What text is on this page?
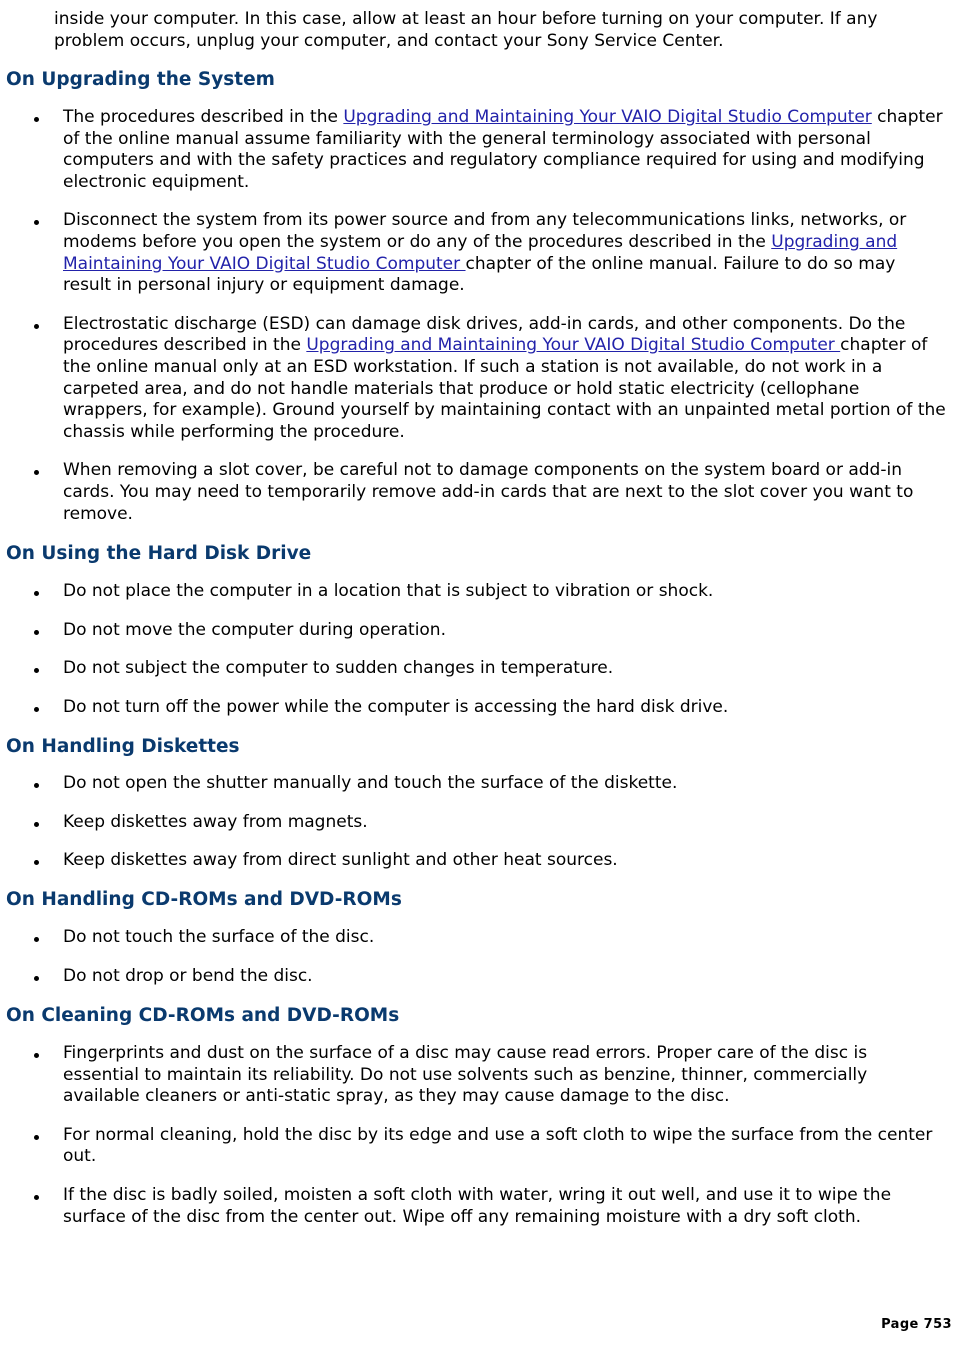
inside your computer. In this case, allow at least an hour before turning on your computer. If any problem occurs, unplug your computer, and contact your Sony Service Center.

On Upgrading the System
The procedures described in the Upgrading and Maintaining Your VAIO Digital Studio Computer chapter of the online manual assume familiarity with the general terminology associated with personal computers and with the safety practices and regulatory compliance required for using and modifying electronic equipment.
Disconnect the system from its power source and from any telecommunications links, networks, or modems before you open the system or do any of the procedures described in the Upgrading and Maintaining Your VAIO Digital Studio Computer chapter of the online manual. Failure to do so may result in personal injury or equipment damage.
Electrostatic discharge (ESD) can damage disk drives, add-in cards, and other components. Do the procedures described in the Upgrading and Maintaining Your VAIO Digital Studio Computer chapter of the online manual only at an ESD workstation. If such a station is not available, do not work in a carpeted area, and do not handle materials that produce or hold static electricity (cellophane wrappers, for example). Ground yourself by maintaining contact with an unpainted metal portion of the chassis while performing the procedure.
When removing a slot cover, be careful not to damage components on the system board or add-in cards. You may need to temporarily remove add-in cards that are next to the slot cover you want to remove.
On Using the Hard Disk Drive
Do not place the computer in a location that is subject to vibration or shock.
Do not move the computer during operation.
Do not subject the computer to sudden changes in temperature.
Do not turn off the power while the computer is accessing the hard disk drive.
On Handling Diskettes
Do not open the shutter manually and touch the surface of the diskette.
Keep diskettes away from magnets.
Keep diskettes away from direct sunlight and other heat sources.
On Handling CD-ROMs and DVD-ROMs
Do not touch the surface of the disc.
Do not drop or bend the disc.
On Cleaning CD-ROMs and DVD-ROMs
Fingerprints and dust on the surface of a disc may cause read errors. Proper care of the disc is essential to maintain its reliability. Do not use solvents such as benzine, thinner, commercially available cleaners or anti-static spray, as they may cause damage to the disc.
For normal cleaning, hold the disc by its edge and use a soft cloth to wipe the surface from the center out.
If the disc is badly soiled, moisten a soft cloth with water, wring it out well, and use it to wipe the surface of the disc from the center out. Wipe off any remaining moisture with a dry soft cloth.
Page 753
